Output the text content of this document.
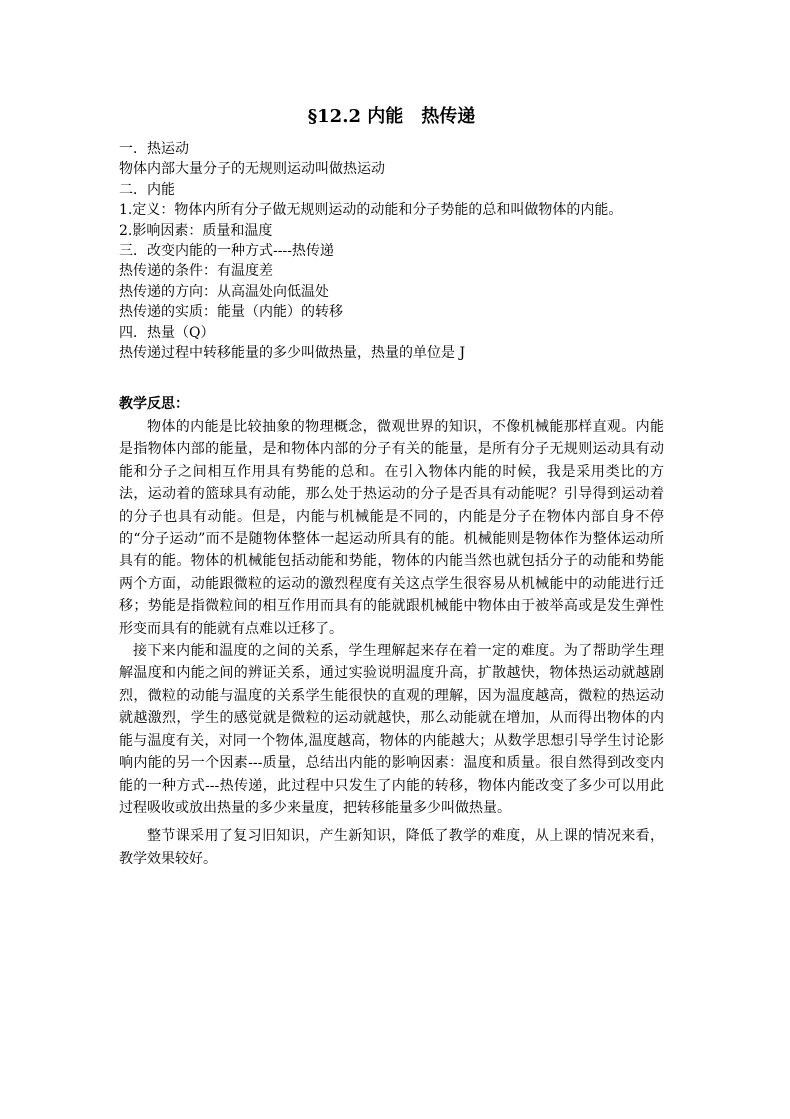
§12.2 内能　热传递
一．热运动
物体内部大量分子的无规则运动叫做热运动
二．内能
1.定义：物体内所有分子做无规则运动的动能和分子势能的总和叫做物体的内能。
2.影响因素：质量和温度
三．改变内能的一种方式----热传递
热传递的条件：有温度差
热传递的方向：从高温处向低温处
热传递的实质：能量（内能）的转移
四．热量（Q）
热传递过程中转移能量的多少叫做热量，热量的单位是 J
教学反思：

物体的内能是比较抽象的物理概念，微观世界的知识，不像机械能那样直观。内能是指物体内部的能量，是和物体内部的分子有关的能量，是所有分子无规则运动具有动能和分子之间相互作用具有势能的总和。在引入物体内能的时候，我是采用类比的方法，运动着的篮球具有动能，那么处于热运动的分子是否具有动能呢？引导得到运动着的分子也具有动能。但是，内能与机械能是不同的，内能是分子在物体内部自身不停的“分子运动”而不是随物体整体一起运动所具有的能。机械能则是物体作为整体运动所具有的能。物体的机械能包括动能和势能，物体的内能当然也就包括分子的动能和势能两个方面，动能跟微粒的运动的激烈程度有关这点学生很容易从机械能中的动能进行迁移；势能是指微粒间的相互作用而具有的能就跟机械能中物体由于被举高或是发生弹性形变而具有的能就有点难以迁移了。

接下来内能和温度的之间的关系，学生理解起来存在着一定的难度。为了帮助学生理解温度和内能之间的辨证关系，通过实验说明温度升高，扩散越快，物体热运动就越剧烈，微粒的动能与温度的关系学生能很快的直观的理解，因为温度越高，微粒的热运动就越激烈，学生的感觉就是微粒的运动就越快，那么动能就在增加，从而得出物体的内能与温度有关，对同一个物体,温度越高，物体的内能越大；从数学思想引导学生讨论影响内能的另一个因素---质量，总结出内能的影响因素：温度和质量。很自然得到改变内能的一种方式---热传递，此过程中只发生了内能的转移，物体内能改变了多少可以用此过程吸收或放出热量的多少来量度，把转移能量多少叫做热量。

整节课采用了复习旧知识，产生新知识，降低了教学的难度，从上课的情况来看，教学效果较好。
